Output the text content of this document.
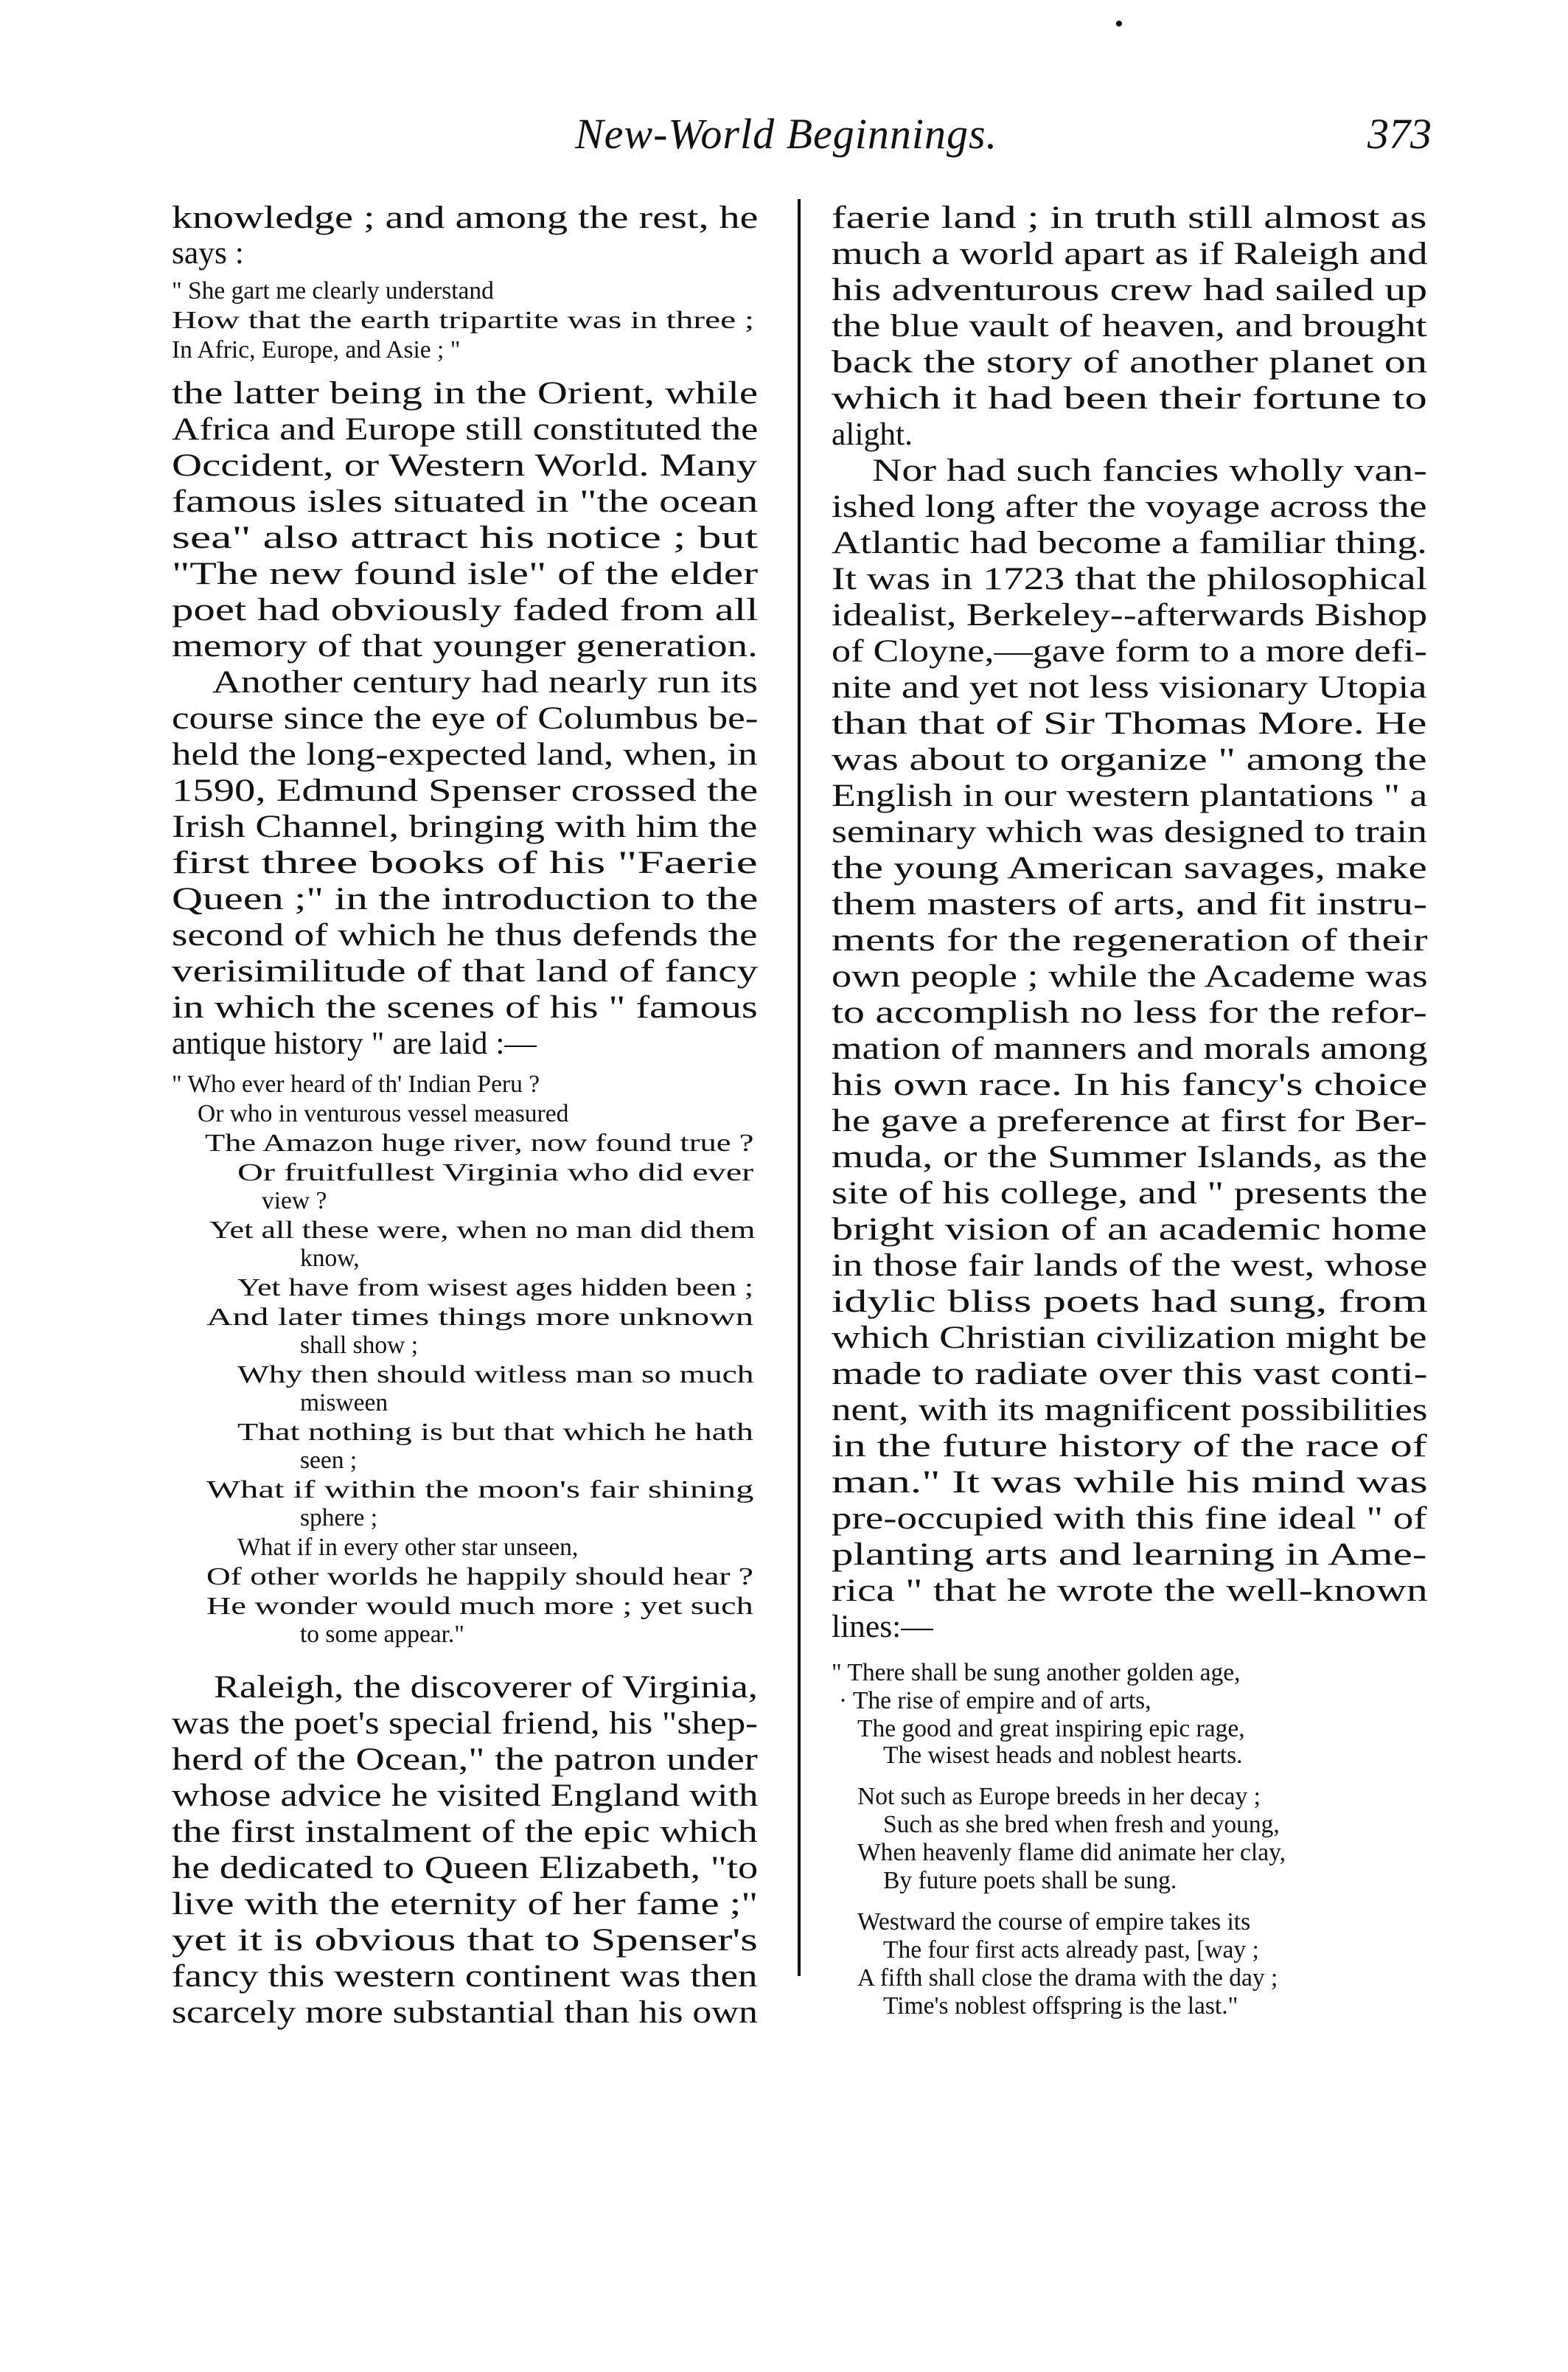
•
New-World Beginnings.	373
knowledge ; and among the rest, he
says :
" She gart me clearly understand
How that the earth tripartite was in three ;
In Afric, Europe, and Asie ; "
the latter being in the Orient, while
Africa and Europe still constituted the
Occident, or Western World. Many
famous isles situated in "the ocean
sea" also attract his notice ; but
"The new found isle" of the elder
poet had obviously faded from all
memory of that younger generation.
Another century had nearly run its
course since the eye of Columbus be-
held the long-expected land, when, in
1590, Edmund Spenser crossed the
Irish Channel, bringing with him the
first three books of his "Faerie
Queen ;" in the introduction to the
second of which he thus defends the
verisimilitude of that land of fancy
in which the scenes of his " famous
antique history " are laid :—
" Who ever heard of th' Indian Peru ?
Or who in venturous vessel measured
The Amazon huge river, now found true ?
Or fruitfullest Virginia who did ever
view ?
Yet all these were, when no man did them
know,
Yet have from wisest ages hidden been ;
And later times things more unknown
shall show ;
Why then should witless man so much
misween
That nothing is but that which he hath
seen ;
What if within the moon's fair shining
sphere ;
What if in every other star unseen,
Of other worlds he happily should hear ?
He wonder would much more ; yet such
to some appear."
Raleigh, the discoverer of Virginia,
was the poet's special friend, his "shep-
herd of the Ocean," the patron under
whose advice he visited England with
the first instalment of the epic which
he dedicated to Queen Elizabeth, "to
live with the eternity of her fame ;"
yet it is obvious that to Spenser's
fancy this western continent was then
scarcely more substantial than his own
faerie land ; in truth still almost as
much a world apart as if Raleigh and
his adventurous crew had sailed up
the blue vault of heaven, and brought
back the story of another planet on
which it had been their fortune to
alight.
Nor had such fancies wholly van-
ished long after the voyage across the
Atlantic had become a familiar thing.
It was in 1723 that the philosophical
idealist, Berkeley--afterwards Bishop
of Cloyne,—gave form to a more defi-
nite and yet not less visionary Utopia
than that of Sir Thomas More. He
was about to organize " among the
English in our western plantations " a
seminary which was designed to train
the young American savages, make
them masters of arts, and fit instru-
ments for the regeneration of their
own people ; while the Academe was
to accomplish no less for the refor-
mation of manners and morals among
his own race. In his fancy's choice
he gave a preference at first for Ber-
muda, or the Summer Islands, as the
site of his college, and " presents the
bright vision of an academic home
in those fair lands of the west, whose
idylic bliss poets had sung, from
which Christian civilization might be
made to radiate over this vast conti-
nent, with its magnificent possibilities
in the future history of the race of
man." It was while his mind was
pre-occupied with this fine ideal " of
planting arts and learning in Ame-
rica " that he wrote the well-known
lines:—
" There shall be sung another golden age,
· The rise of empire and of arts,
The good and great inspiring epic rage,
The wisest heads and noblest hearts.
Not such as Europe breeds in her decay ;
Such as she bred when fresh and young,
When heavenly flame did animate her clay,
By future poets shall be sung.
Westward the course of empire takes its
The four first acts already past, [way ;
A fifth shall close the drama with the day ;
Time's noblest offspring is the last."
